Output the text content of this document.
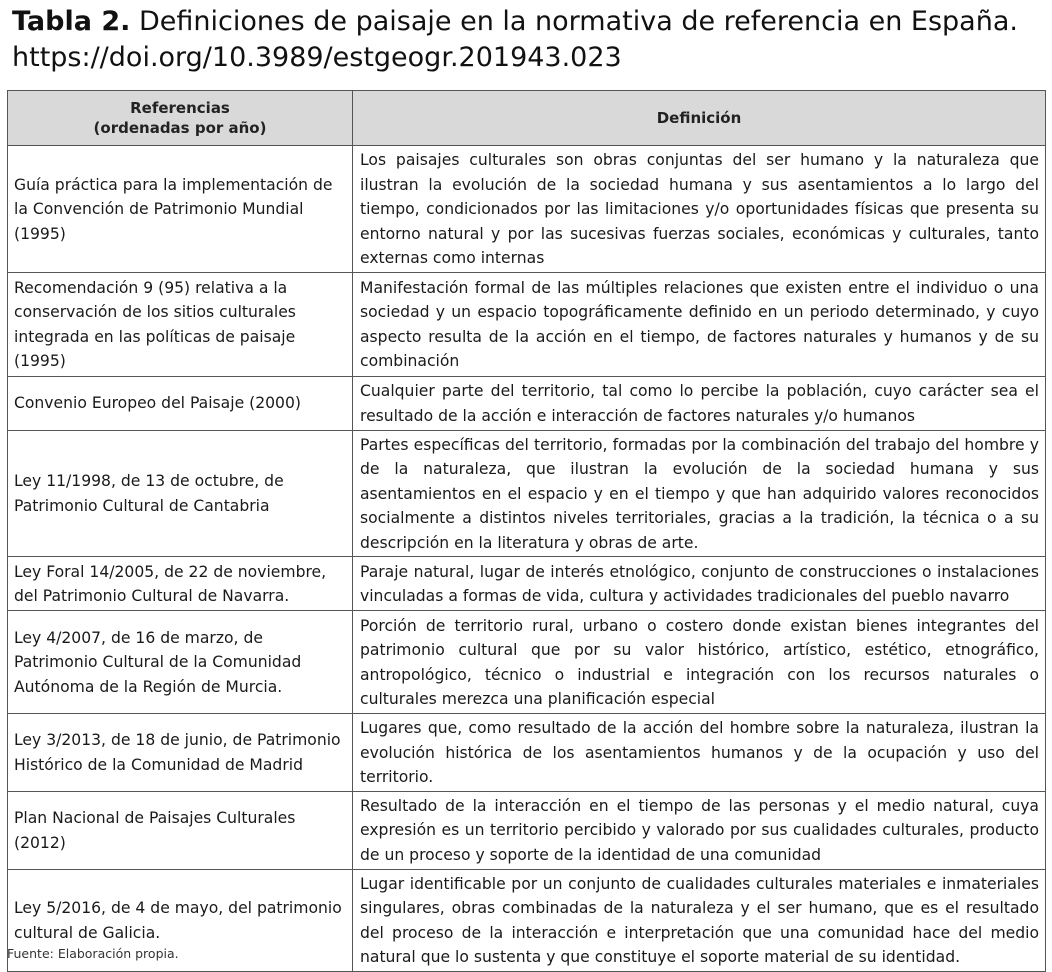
Tabla 2. Definiciones de paisaje en la normativa de referencia en España.
https://doi.org/10.3989/estgeogr.201943.023
Referencias
(ordenadas por año)	Definición
Guía práctica para la implementación de la Convención de Patrimonio Mundial (1995)	Los paisajes culturales son obras conjuntas del ser humano y la naturaleza que ilustran la evolución de la sociedad humana y sus asentamientos a lo largo del tiempo, condicionados por las limitaciones y/o oportunidades físicas que presenta su entorno natural y por las sucesivas fuerzas sociales, económicas y culturales, tanto externas como internas
Recomendación 9 (95) relativa a la conservación de los sitios culturales integrada en las políticas de paisaje (1995)	Manifestación formal de las múltiples relaciones que existen entre el individuo o una sociedad y un espacio topográficamente definido en un periodo determinado, y cuyo aspecto resulta de la acción en el tiempo, de factores naturales y humanos y de su combinación
Convenio Europeo del Paisaje (2000)	Cualquier parte del territorio, tal como lo percibe la población, cuyo carácter sea el resultado de la acción e interacción de factores naturales y/o humanos
Ley 11/1998, de 13 de octubre, de Patrimonio Cultural de Cantabria	Partes específicas del territorio, formadas por la combinación del trabajo del hombre y de la naturaleza, que ilustran la evolución de la sociedad humana y sus asentamientos en el espacio y en el tiempo y que han adquirido valores reconocidos socialmente a distintos niveles territoriales, gracias a la tradición, la técnica o a su descripción en la literatura y obras de arte.
Ley Foral 14/2005, de 22 de noviembre, del Patrimonio Cultural de Navarra.	Paraje natural, lugar de interés etnológico, conjunto de construcciones o instalaciones vinculadas a formas de vida, cultura y actividades tradicionales del pueblo navarro
Ley 4/2007, de 16 de marzo, de Patrimonio Cultural de la Comunidad Autónoma de la Región de Murcia.	Porción de territorio rural, urbano o costero donde existan bienes integrantes del patrimonio cultural que por su valor histórico, artístico, estético, etnográfico, antropológico, técnico o industrial e integración con los recursos naturales o culturales merezca una planificación especial
Ley 3/2013, de 18 de junio, de Patrimonio Histórico de la Comunidad de Madrid	Lugares que, como resultado de la acción del hombre sobre la naturaleza, ilustran la evolución histórica de los asentamientos humanos y de la ocupación y uso del territorio.
Plan Nacional de Paisajes Culturales (2012)	Resultado de la interacción en el tiempo de las personas y el medio natural, cuya expresión es un territorio percibido y valorado por sus cualidades culturales, producto de un proceso y soporte de la identidad de una comunidad
Ley 5/2016, de 4 de mayo, del patrimonio cultural de Galicia.	Lugar identificable por un conjunto de cualidades culturales materiales e inmateriales singulares, obras combinadas de la naturaleza y el ser humano, que es el resultado del proceso de la interacción e interpretación que una comunidad hace del medio natural que lo sustenta y que constituye el soporte material de su identidad.
Fuente: Elaboración propia.
